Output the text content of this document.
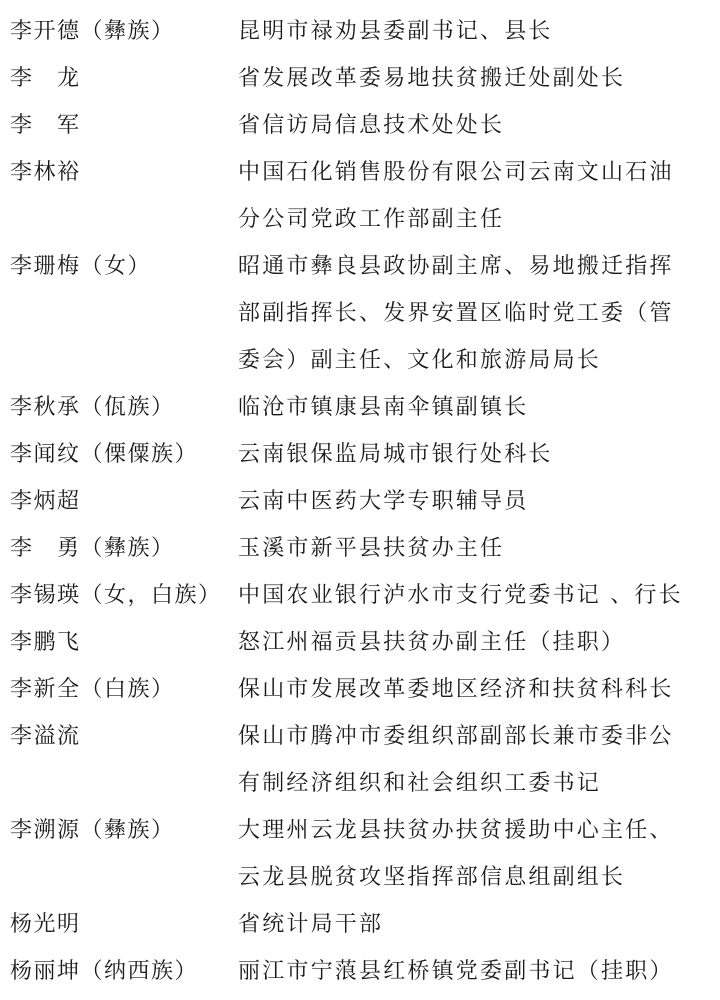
李开德（彝族）	昆明市禄劝县委副书记、县长
李　龙	省发展改革委易地扶贫搬迁处副处长
李　军	省信访局信息技术处处长
李林裕	中国石化销售股份有限公司云南文山石油
分公司党政工作部副主任
李珊梅（女）	昭通市彝良县政协副主席、易地搬迁指挥
部副指挥长、发界安置区临时党工委（管
委会）副主任、文化和旅游局局长
李秋承（佤族）	临沧市镇康县南伞镇副镇长
李闻纹（傈僳族）	云南银保监局城市银行处科长
李炳超	云南中医药大学专职辅导员
李　勇（彝族）	玉溪市新平县扶贫办主任
李锡瑛（女，白族） 中国农业银行泸水市支行党委书记 、行长
李鹏飞	怒江州福贡县扶贫办副主任（挂职）
李新全（白族）	保山市发展改革委地区经济和扶贫科科长
李溢流	保山市腾冲市委组织部副部长兼市委非公
有制经济组织和社会组织工委书记
李溯源（彝族）	大理州云龙县扶贫办扶贫援助中心主任、
云龙县脱贫攻坚指挥部信息组副组长
杨光明	省统计局干部
杨丽坤（纳西族）	丽江市宁蒗县红桥镇党委副书记（挂职）
